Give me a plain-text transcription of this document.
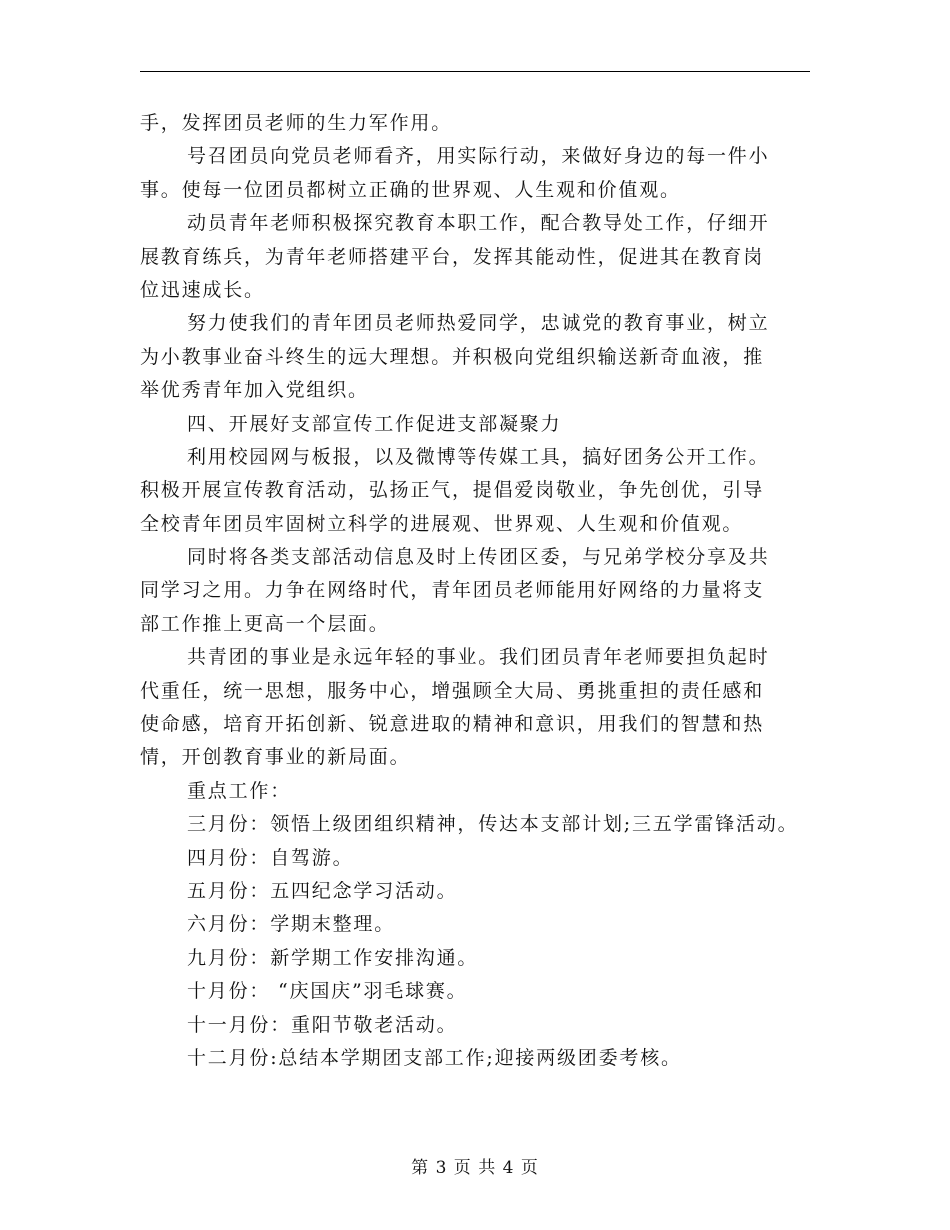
手，发挥团员老师的生力军作用。
号召团员向党员老师看齐，用实际行动，来做好身边的每一件小
事。使每一位团员都树立正确的世界观、人生观和价值观。
动员青年老师积极探究教育本职工作，配合教导处工作，仔细开
展教育练兵，为青年老师搭建平台，发挥其能动性，促进其在教育岗
位迅速成长。
努力使我们的青年团员老师热爱同学，忠诚党的教育事业，树立
为小教事业奋斗终生的远大理想。并积极向党组织输送新奇血液，推
举优秀青年加入党组织。
四、开展好支部宣传工作促进支部凝聚力
利用校园网与板报，以及微博等传媒工具，搞好团务公开工作。
积极开展宣传教育活动，弘扬正气，提倡爱岗敬业，争先创优，引导
全校青年团员牢固树立科学的进展观、世界观、人生观和价值观。
同时将各类支部活动信息及时上传团区委，与兄弟学校分享及共
同学习之用。力争在网络时代，青年团员老师能用好网络的力量将支
部工作推上更高一个层面。
共青团的事业是永远年轻的事业。我们团员青年老师要担负起时
代重任，统一思想，服务中心，增强顾全大局、勇挑重担的责任感和
使命感，培育开拓创新、锐意进取的精神和意识，用我们的智慧和热
情，开创教育事业的新局面。
重点工作：
三月份：领悟上级团组织精神，传达本支部计划;三五学雷锋活动。
四月份：自驾游。
五月份：五四纪念学习活动。
六月份：学期末整理。
九月份：新学期工作安排沟通。
十月份： “庆国庆”羽毛球赛。
十一月份：重阳节敬老活动。
十二月份:总结本学期团支部工作;迎接两级团委考核。
第 3 页 共 4 页
